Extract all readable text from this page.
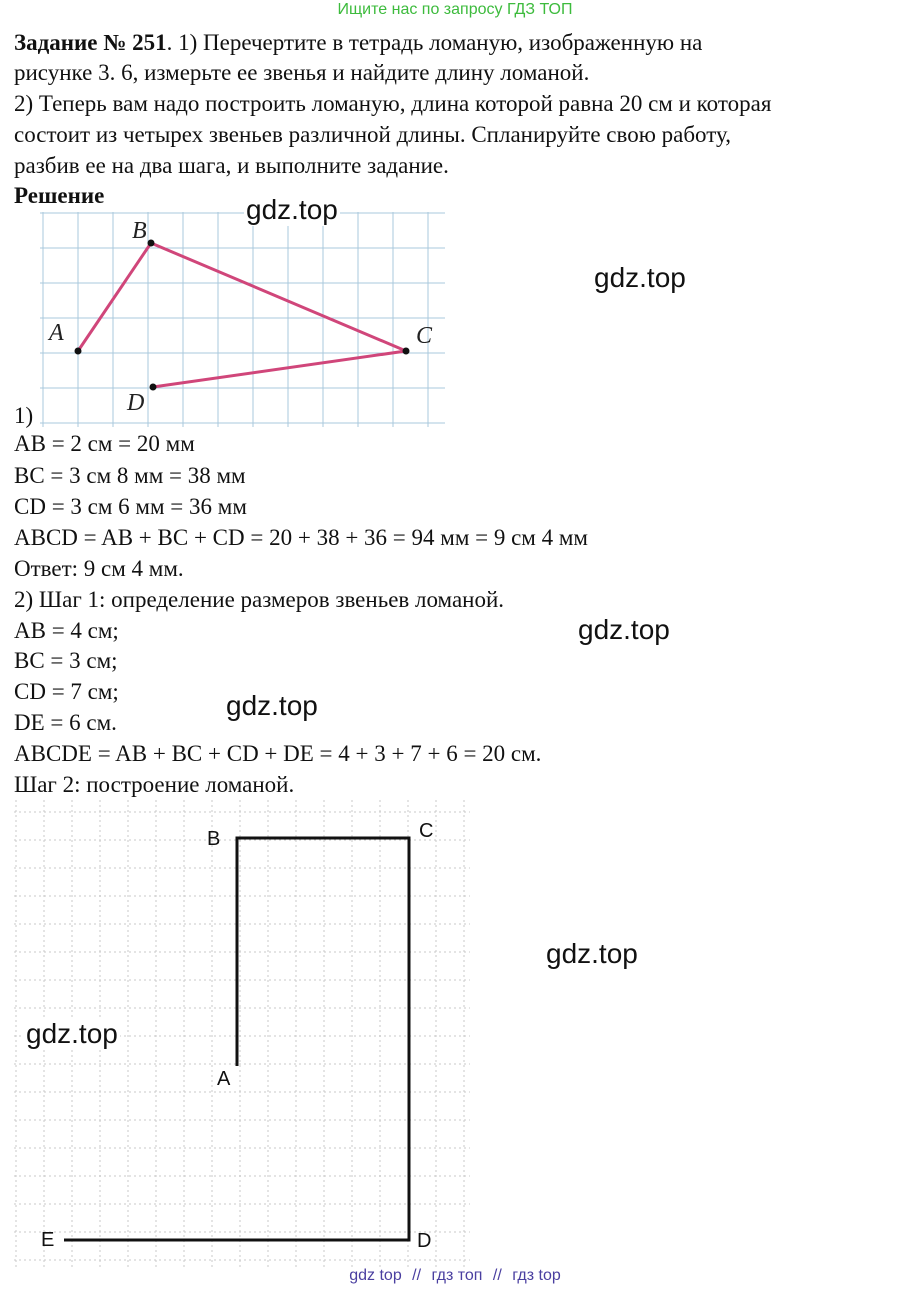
Ищите нас по запросу ГДЗ ТОП
Задание № 251. 1) Перечертите в тетрадь ломаную, изображенную на
рисунке 3. 6, измерьте ее звенья и найдите длину ломаной.
2) Теперь вам надо построить ломаную, длина которой равна 20 см и которая
состоит из четырех звеньев различной длины. Спланируйте свою работу,
разбив ее на два шага, и выполните задание.
Решение
A
B
C
D
1)
AB = 2 см = 20 мм
BC = 3 см 8 мм = 38 мм
CD = 3 см 6 мм = 36 мм
ABCD = AB + BC + CD = 20 + 38 + 36 = 94 мм = 9 см 4 мм
Ответ: 9 см 4 мм.
2) Шаг 1: определение размеров звеньев ломаной.
AB = 4 см;
BC = 3 см;
CD = 7 см;
DE = 6 см.
ABCDE = AB + BC + CD + DE = 4 + 3 + 7 + 6 = 20 см.
Шаг 2: построение ломаной.
B	C
A
D
E
gdz.top
gdz.top
gdz.top
gdz.top
gdz.top
gdz.top
gdz top // гдз топ // гдз top
